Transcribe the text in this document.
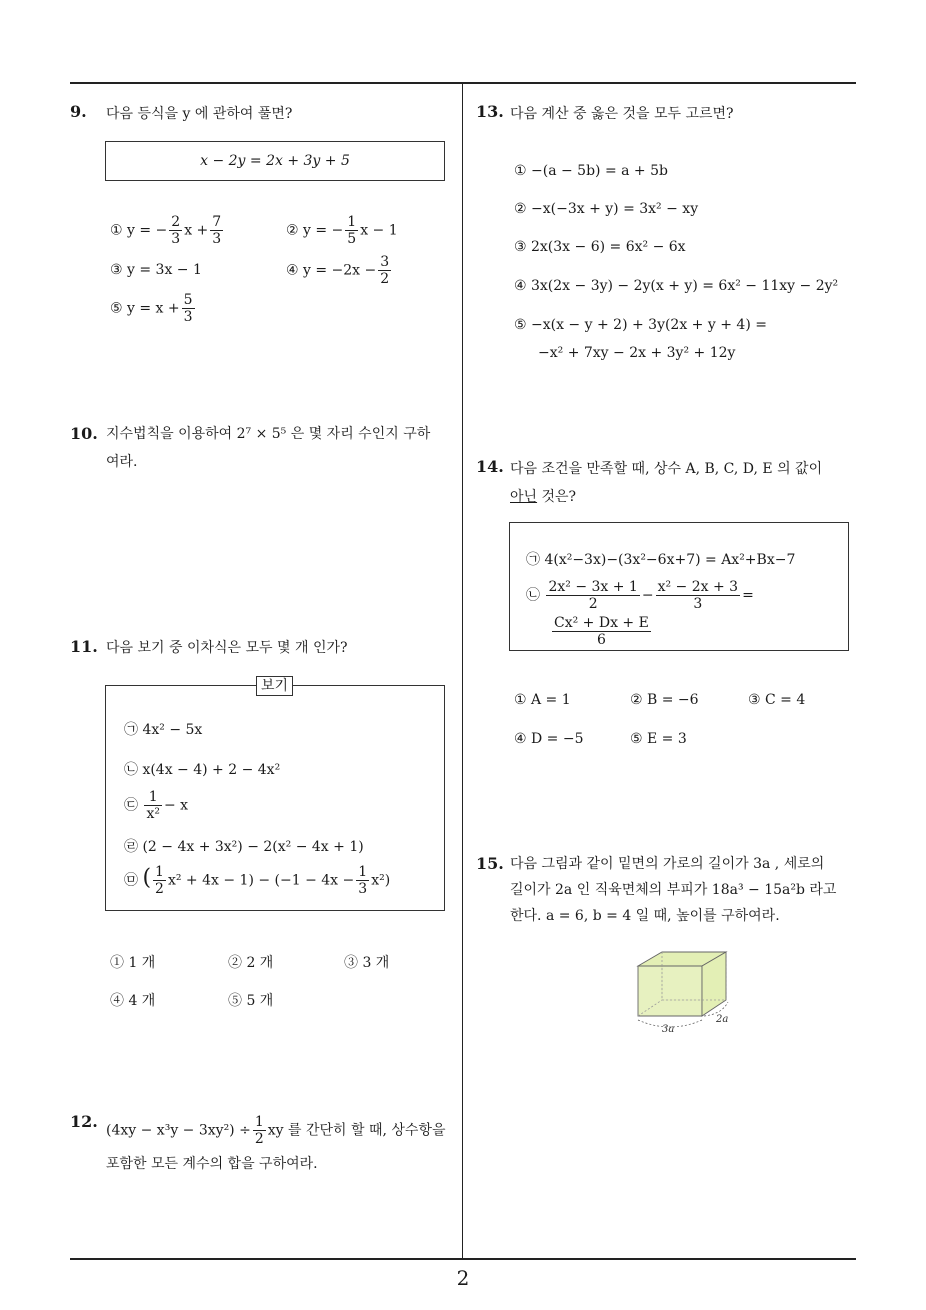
2
9. 다음 등식을 y 에 관하여 풀면?
x − 2y = 2x + 3y + 5
① y = − $\frac{2}{3}$ $x + \frac{7}{3}$	② y = − $\frac{1}{5}$ x − 1
③ y = 3x − 1	④ $y = -2x - \frac{3}{2}$
⑤ $y = x + \frac{5}{3}$
10. 지수법칙을 이용하여 2⁷ × 5⁵ 은 몇 자리 수인지 구하
여라.
11. 다음 보기 중 이차식은 모두 몇 개 인가?
보기
㉠ 4x² − 5x
㉡ x(4x − 4) + 2 − 4x²
㉢ $\frac{1}{\text{x²}} - x$
㉣ (2 − 4x + 3x²) − 2(x² − 4x + 1)
㉤ ( $\frac{1}{2} x^2 + 4x - 1) - (-1 - 4x - \frac{1}{3} x^2)$
① 1 개	② 2 개	③ 3 개
④ 4 개	⑤ 5 개
12. $(4xy - x^3y - 3xy^2) \div \frac{1}{2}$ xy 를 간단히 할 때, 상수항을
포함한 모든 계수의 합을 구하여라.
13. 다음 계산 중 옳은 것을 모두 고르면?
① −(a − 5b) = a + 5b
② −x(−3x + y) = 3x² − xy
③ 2x(3x − 6) = 6x² − 6x
④ 3x(2x − 3y) − 2y(x + y) = 6x² − 11xy − 2y²
⑤ −x(x − y + 2) + 3y(2x + y + 4) =
−x² + 7xy − 2x + 3y² + 12y
14. 다음 조건을 만족할 때, 상수 A, B, C, D, E 의 값이
아닌 것은?
㉠ 4(x²−3x)−(3x²−6x+7) = Ax²+Bx−7
㉡ $\frac{\text{2x² − 3x + 1}}{2} - \frac{\text{x² − 2x + 3}}{3}$ =
$\frac{\text{Cx² + Dx + E}}{6}$
① A = 1	② B = −6	③ C = 4
④ D = −5	⑤ E = 3
15. 다음 그림과 같이 밑면의 가로의 길이가 3a , 세로의
길이가 2a 인 직육면체의 부피가 18a³ − 15a²b 라고
한다. a = 6, b = 4 일 때, 높이를 구하여라.
3a
2a
